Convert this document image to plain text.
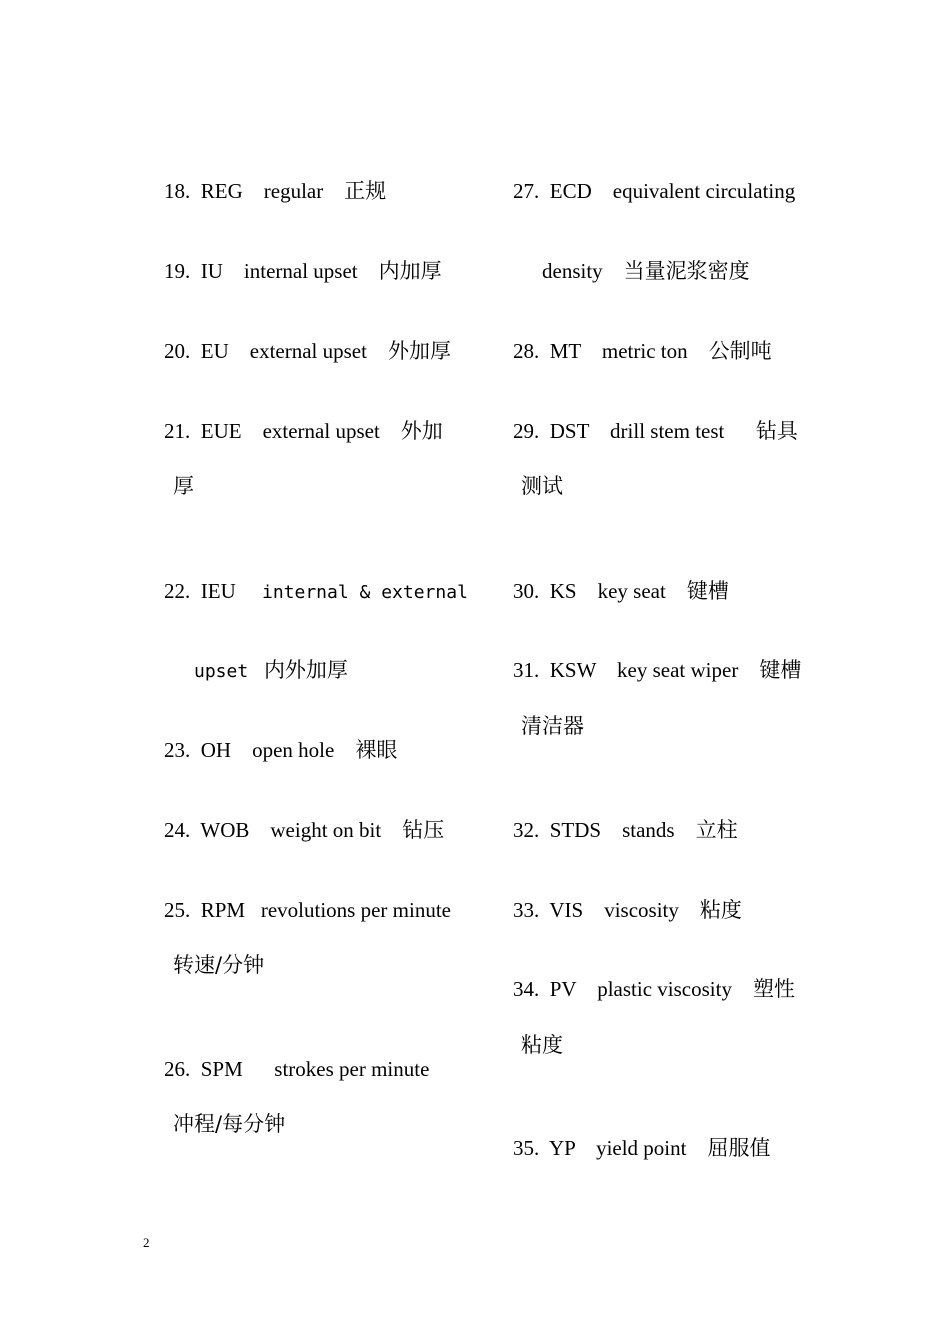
18. REG regular 正规

19. IU internal upset 内加厚

20. EU external upset 外加厚

21. EUE external upset 外加

厚

22. IEU internal & external

upset 内外加厚

23. OH open hole 裸眼

24. WOB weight on bit 钻压

25. RPM revolutions per minute

转速/分钟

26. SPM strokes per minute

冲程/每分钟

27. ECD equivalent circulating

density 当量泥浆密度

28. MT metric ton 公制吨

29. DST drill stem test 钻具

测试

30. KS key seat 键槽

31. KSW key seat wiper 键槽

清洁器

32. STDS stands 立柱

33. VIS viscosity 粘度

34. PV plastic viscosity 塑性

粘度

35. YP yield point 屈服值

2
